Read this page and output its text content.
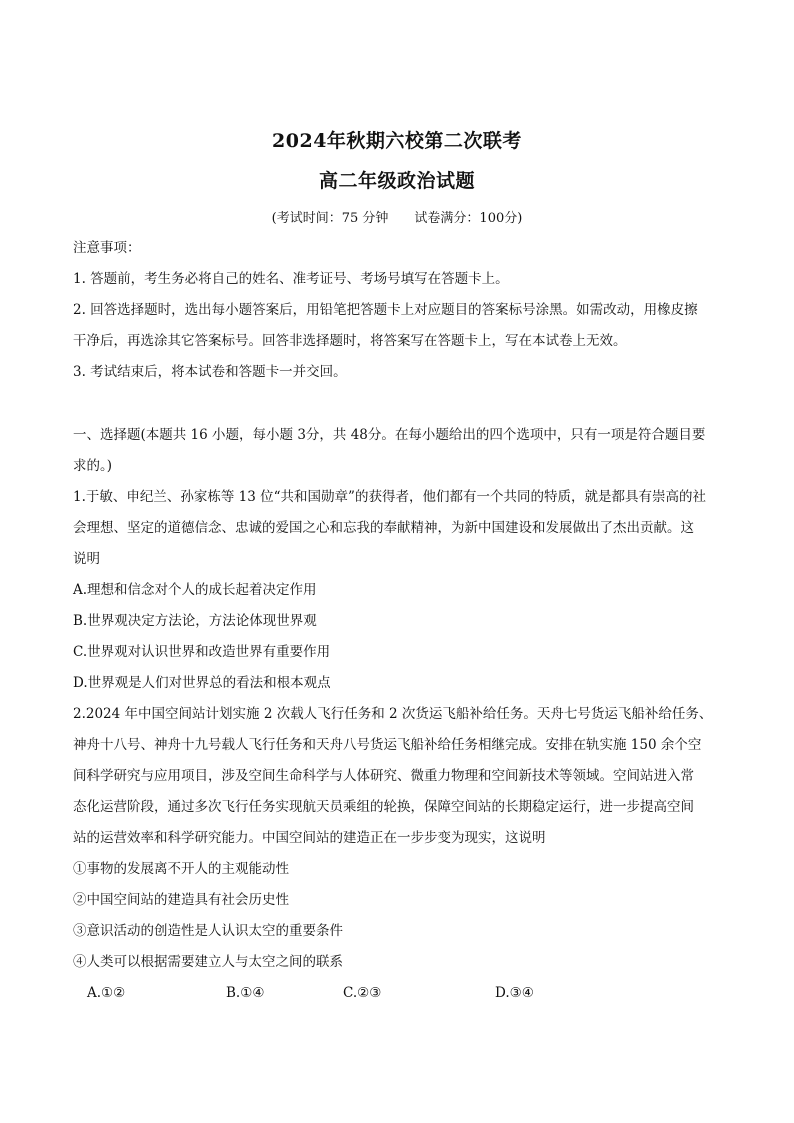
2024年秋期六校第二次联考
高二年级政治试题
(考试时间：75 分钟 试卷满分：100分)
注意事项：
1. 答题前，考生务必将自己的姓名、准考证号、考场号填写在答题卡上。
2. 回答选择题时，选出每小题答案后，用铅笔把答题卡上对应题目的答案标号涂黑。如需改动，用橡皮擦
干净后，再选涂其它答案标号。回答非选择题时，将答案写在答题卡上，写在本试卷上无效。
3. 考试结束后，将本试卷和答题卡一并交回。
一、选择题(本题共 16 小题，每小题 3分，共 48分。在每小题给出的四个选项中，只有一项是符合题目要
求的。)
1.于敏、申纪兰、孙家栋等 13 位“共和国勋章”的获得者，他们都有一个共同的特质，就是都具有崇高的社
会理想、坚定的道德信念、忠诚的爱国之心和忘我的奉献精神，为新中国建设和发展做出了杰出贡献。这
说明
A.理想和信念对个人的成长起着决定作用
B.世界观决定方法论，方法论体现世界观
C.世界观对认识世界和改造世界有重要作用
D.世界观是人们对世界总的看法和根本观点
2.2024 年中国空间站计划实施 2 次载人飞行任务和 2 次货运飞船补给任务。天舟七号货运飞船补给任务、
神舟十八号、神舟十九号载人飞行任务和天舟八号货运飞船补给任务相继完成。安排在轨实施 150 余个空
间科学研究与应用项目，涉及空间生命科学与人体研究、微重力物理和空间新技术等领域。空间站进入常
态化运营阶段，通过多次飞行任务实现航天员乘组的轮换，保障空间站的长期稳定运行，进一步提高空间
站的运营效率和科学研究能力。中国空间站的建造正在一步步变为现实，这说明
①事物的发展离不开人的主观能动性
②中国空间站的建造具有社会历史性
③意识活动的创造性是人认识太空的重要条件
④人类可以根据需要建立人与太空之间的联系
A.①②	B.①④	C.②③	D.③④
